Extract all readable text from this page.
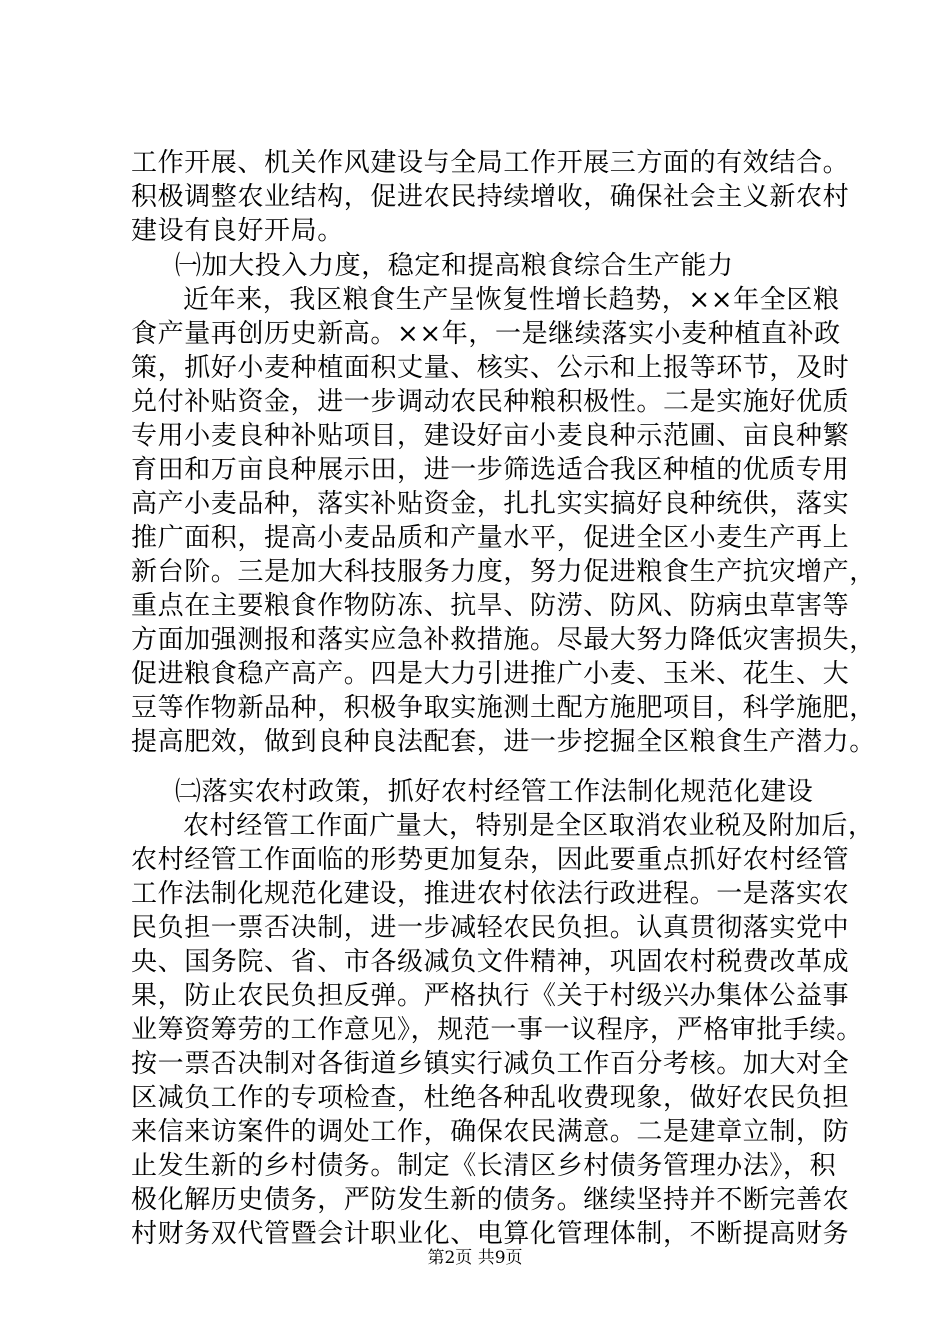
工作开展、机关作风建设与全局工作开展三方面的有效结合。
积极调整农业结构，促进农民持续增收，确保社会主义新农村
建设有良好开局。
㈠加大投入力度，稳定和提高粮食综合生产能力
近年来，我区粮食生产呈恢复性增长趋势，××年全区粮
食产量再创历史新高。××年，一是继续落实小麦种植直补政
策，抓好小麦种植面积丈量、核实、公示和上报等环节，及时
兑付补贴资金，进一步调动农民种粮积极性。二是实施好优质
专用小麦良种补贴项目，建设好亩小麦良种示范圃、亩良种繁
育田和万亩良种展示田，进一步筛选适合我区种植的优质专用
高产小麦品种，落实补贴资金，扎扎实实搞好良种统供，落实
推广面积，提高小麦品质和产量水平，促进全区小麦生产再上
新台阶。三是加大科技服务力度，努力促进粮食生产抗灾增产，
重点在主要粮食作物防冻、抗旱、防涝、防风、防病虫草害等
方面加强测报和落实应急补救措施。尽最大努力降低灾害损失，
促进粮食稳产高产。四是大力引进推广小麦、玉米、花生、大
豆等作物新品种，积极争取实施测土配方施肥项目，科学施肥，
提高肥效，做到良种良法配套，进一步挖掘全区粮食生产潜力。
㈡落实农村政策，抓好农村经管工作法制化规范化建设
农村经管工作面广量大，特别是全区取消农业税及附加后，
农村经管工作面临的形势更加复杂，因此要重点抓好农村经管
工作法制化规范化建设，推进农村依法行政进程。一是落实农
民负担一票否决制，进一步减轻农民负担。认真贯彻落实党中
央、国务院、省、市各级减负文件精神，巩固农村税费改革成
果，防止农民负担反弹。严格执行《关于村级兴办集体公益事
业筹资筹劳的工作意见》，规范一事一议程序，严格审批手续。
按一票否决制对各街道乡镇实行减负工作百分考核。加大对全
区减负工作的专项检查，杜绝各种乱收费现象，做好农民负担
来信来访案件的调处工作，确保农民满意。二是建章立制，防
止发生新的乡村债务。制定《长清区乡村债务管理办法》，积
极化解历史债务，严防发生新的债务。继续坚持并不断完善农
村财务双代管暨会计职业化、电算化管理体制，不断提高财务
第2页 共9页
